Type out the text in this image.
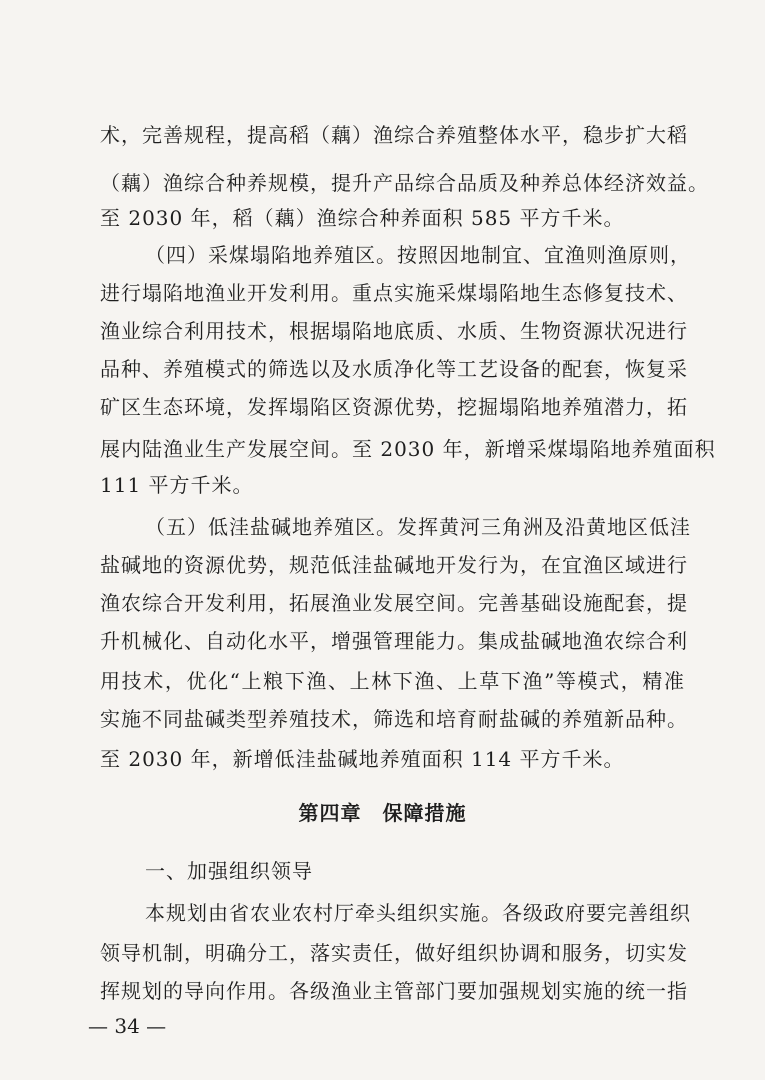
术，完善规程，提高稻（藕）渔综合养殖整体水平，稳步扩大稻
（藕）渔综合种养规模，提升产品综合品质及种养总体经济效益。
至 2030 年，稻（藕）渔综合种养面积 585 平方千米。
（四）采煤塌陷地养殖区。按照因地制宜、宜渔则渔原则，
进行塌陷地渔业开发利用。重点实施采煤塌陷地生态修复技术、
渔业综合利用技术，根据塌陷地底质、水质、生物资源状况进行
品种、养殖模式的筛选以及水质净化等工艺设备的配套，恢复采
矿区生态环境，发挥塌陷区资源优势，挖掘塌陷地养殖潜力，拓
展内陆渔业生产发展空间。至 2030 年，新增采煤塌陷地养殖面积
111 平方千米。
（五）低洼盐碱地养殖区。发挥黄河三角洲及沿黄地区低洼
盐碱地的资源优势，规范低洼盐碱地开发行为，在宜渔区域进行
渔农综合开发利用，拓展渔业发展空间。完善基础设施配套，提
升机械化、自动化水平，增强管理能力。集成盐碱地渔农综合利
用技术，优化“上粮下渔、上林下渔、上草下渔”等模式，精准
实施不同盐碱类型养殖技术，筛选和培育耐盐碱的养殖新品种。
至 2030 年，新增低洼盐碱地养殖面积 114 平方千米。
第四章　保障措施
一、加强组织领导
本规划由省农业农村厅牵头组织实施。各级政府要完善组织
领导机制，明确分工，落实责任，做好组织协调和服务，切实发
挥规划的导向作用。各级渔业主管部门要加强规划实施的统一指
— 34 —
